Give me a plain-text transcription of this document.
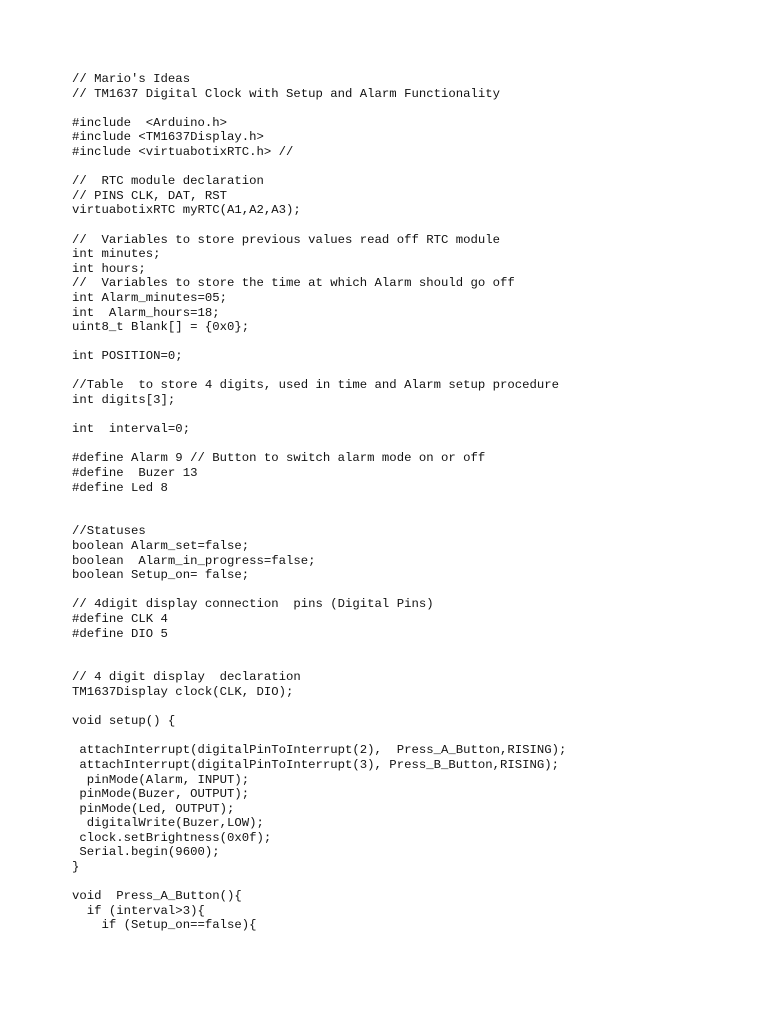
// Mario's Ideas
// TM1637 Digital Clock with Setup and Alarm Functionality
#include  <Arduino.h>
#include <TM1637Display.h>
#include <virtuabotixRTC.h> //
//  RTC module declaration
// PINS CLK, DAT, RST
virtuabotixRTC myRTC(A1,A2,A3);
//  Variables to store previous values read off RTC module
int minutes;
int hours;
//  Variables to store the time at which Alarm should go off
int Alarm_minutes=05;
int  Alarm_hours=18;
uint8_t Blank[] = {0x0};
int POSITION=0;
//Table  to store 4 digits, used in time and Alarm setup procedure
int digits[3];
int  interval=0;
#define Alarm 9 // Button to switch alarm mode on or off
#define  Buzer 13
#define Led 8
//Statuses
boolean Alarm_set=false;
boolean  Alarm_in_progress=false;
boolean Setup_on= false;
// 4digit display connection  pins (Digital Pins)
#define CLK 4
#define DIO 5
// 4 digit display  declaration
TM1637Display clock(CLK, DIO);
void setup() {
attachInterrupt(digitalPinToInterrupt(2),  Press_A_Button,RISING);
attachInterrupt(digitalPinToInterrupt(3), Press_B_Button,RISING);
pinMode(Alarm, INPUT);
pinMode(Buzer, OUTPUT);
pinMode(Led, OUTPUT);
digitalWrite(Buzer,LOW);
clock.setBrightness(0x0f);
Serial.begin(9600);
}
void  Press_A_Button(){
if (interval>3){
if (Setup_on==false){
